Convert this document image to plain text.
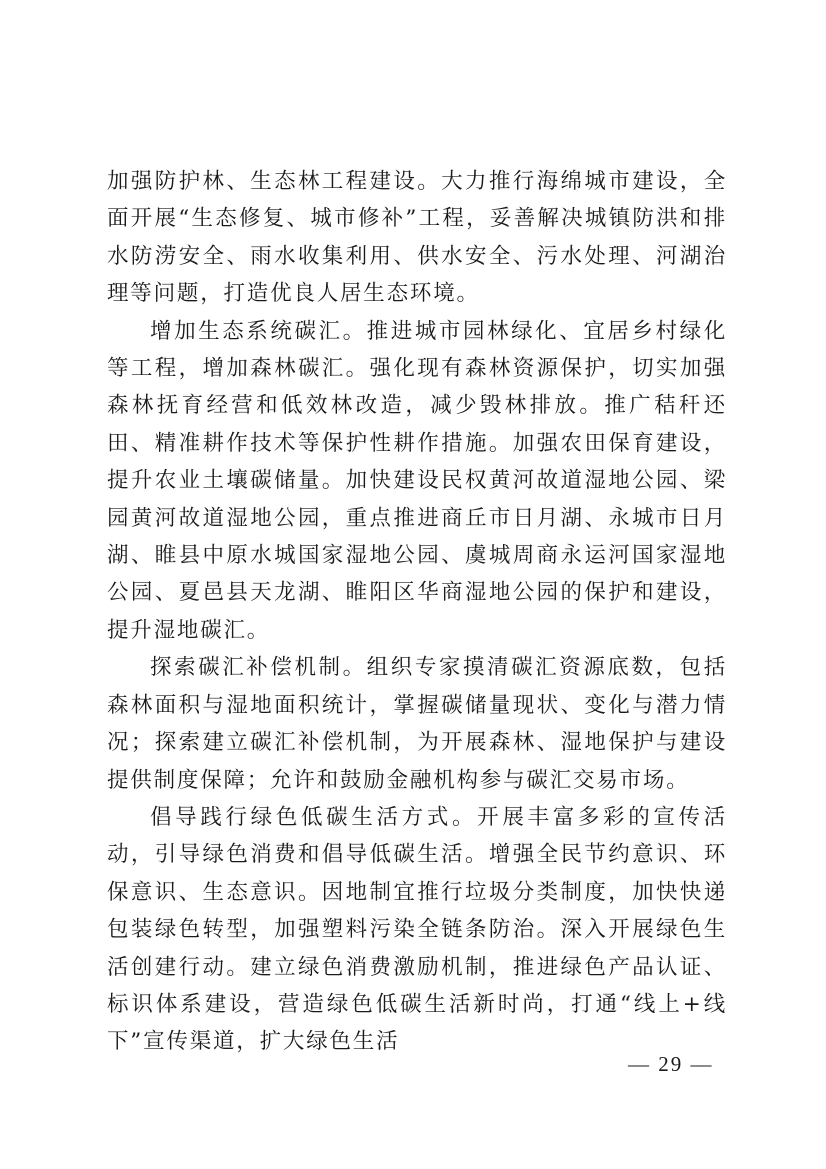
加强防护林、生态林工程建设。大力推行海绵城市建设，全面开展“生态修复、城市修补”工程，妥善解决城镇防洪和排水防涝安全、雨水收集利用、供水安全、污水处理、河湖治理等问题，打造优良人居生态环境。

增加生态系统碳汇。推进城市园林绿化、宜居乡村绿化等工程，增加森林碳汇。强化现有森林资源保护，切实加强森林抚育经营和低效林改造，减少毁林排放。推广秸秆还田、精准耕作技术等保护性耕作措施。加强农田保育建设，提升农业土壤碳储量。加快建设民权黄河故道湿地公园、梁园黄河故道湿地公园，重点推进商丘市日月湖、永城市日月湖、睢县中原水城国家湿地公园、虞城周商永运河国家湿地公园、夏邑县天龙湖、睢阳区华商湿地公园的保护和建设，提升湿地碳汇。

探索碳汇补偿机制。组织专家摸清碳汇资源底数，包括森林面积与湿地面积统计，掌握碳储量现状、变化与潜力情况；探索建立碳汇补偿机制，为开展森林、湿地保护与建设提供制度保障；允许和鼓励金融机构参与碳汇交易市场。

倡导践行绿色低碳生活方式。开展丰富多彩的宣传活动，引导绿色消费和倡导低碳生活。增强全民节约意识、环保意识、生态意识。因地制宜推行垃圾分类制度，加快快递包装绿色转型，加强塑料污染全链条防治。深入开展绿色生活创建行动。建立绿色消费激励机制，推进绿色产品认证、标识体系建设，营造绿色低碳生活新时尚，打通“线上+线下”宣传渠道，扩大绿色生活

— 29 —
